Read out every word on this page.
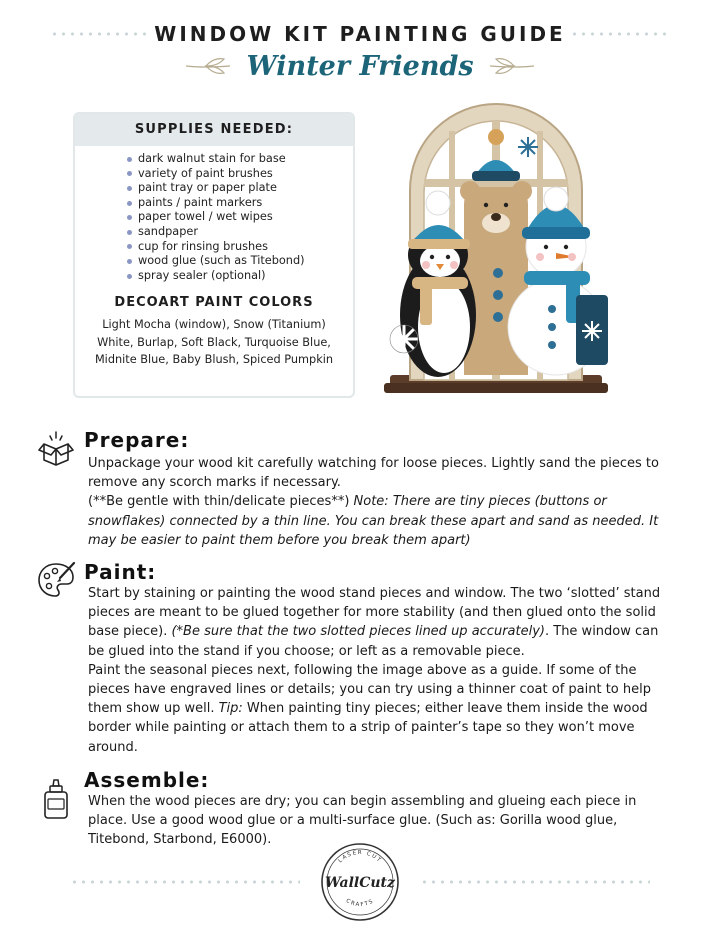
WINDOW KIT PAINTING GUIDE
Winter Friends
SUPPLIES NEEDED:
dark walnut stain for base
variety of paint brushes
paint tray or paper plate
paints / paint markers
paper towel / wet wipes
sandpaper
cup for rinsing brushes
wood glue (such as Titebond)
spray sealer (optional)
DECOART PAINT COLORS
Light Mocha (window), Snow (Titanium) White, Burlap, Soft Black, Turquoise Blue, Midnite Blue, Baby Blush, Spiced Pumpkin
Prepare:

Unpackage your wood kit carefully watching for loose pieces. Lightly sand the pieces to remove any scorch marks if necessary.

(**Be gentle with thin/delicate pieces**) Note: There are tiny pieces (buttons or snowflakes) connected by a thin line. You can break these apart and sand as needed. It may be easier to paint them before you break them apart)

Paint:

Start by staining or painting the wood stand pieces and window. The two ‘slotted’ stand pieces are meant to be glued together for more stability (and then glued onto the solid base piece). (*Be sure that the two slotted pieces lined up accurately). The window can be glued into the stand if you choose; or left as a removable piece.

Paint the seasonal pieces next, following the image above as a guide. If some of the pieces have engraved lines or details; you can try using a thinner coat of paint to help them show up well. Tip: When painting tiny pieces; either leave them inside the wood border while painting or attach them to a strip of painter’s tape so they won’t move around.

Assemble:
When the wood pieces are dry; you can begin assembling and glueing each piece in place. Use a good wood glue or a multi-surface glue. (Such as: Gorilla wood glue, Titebond, Starbond, E6000).
LASER CUT
WallCutz
CRAFTS
